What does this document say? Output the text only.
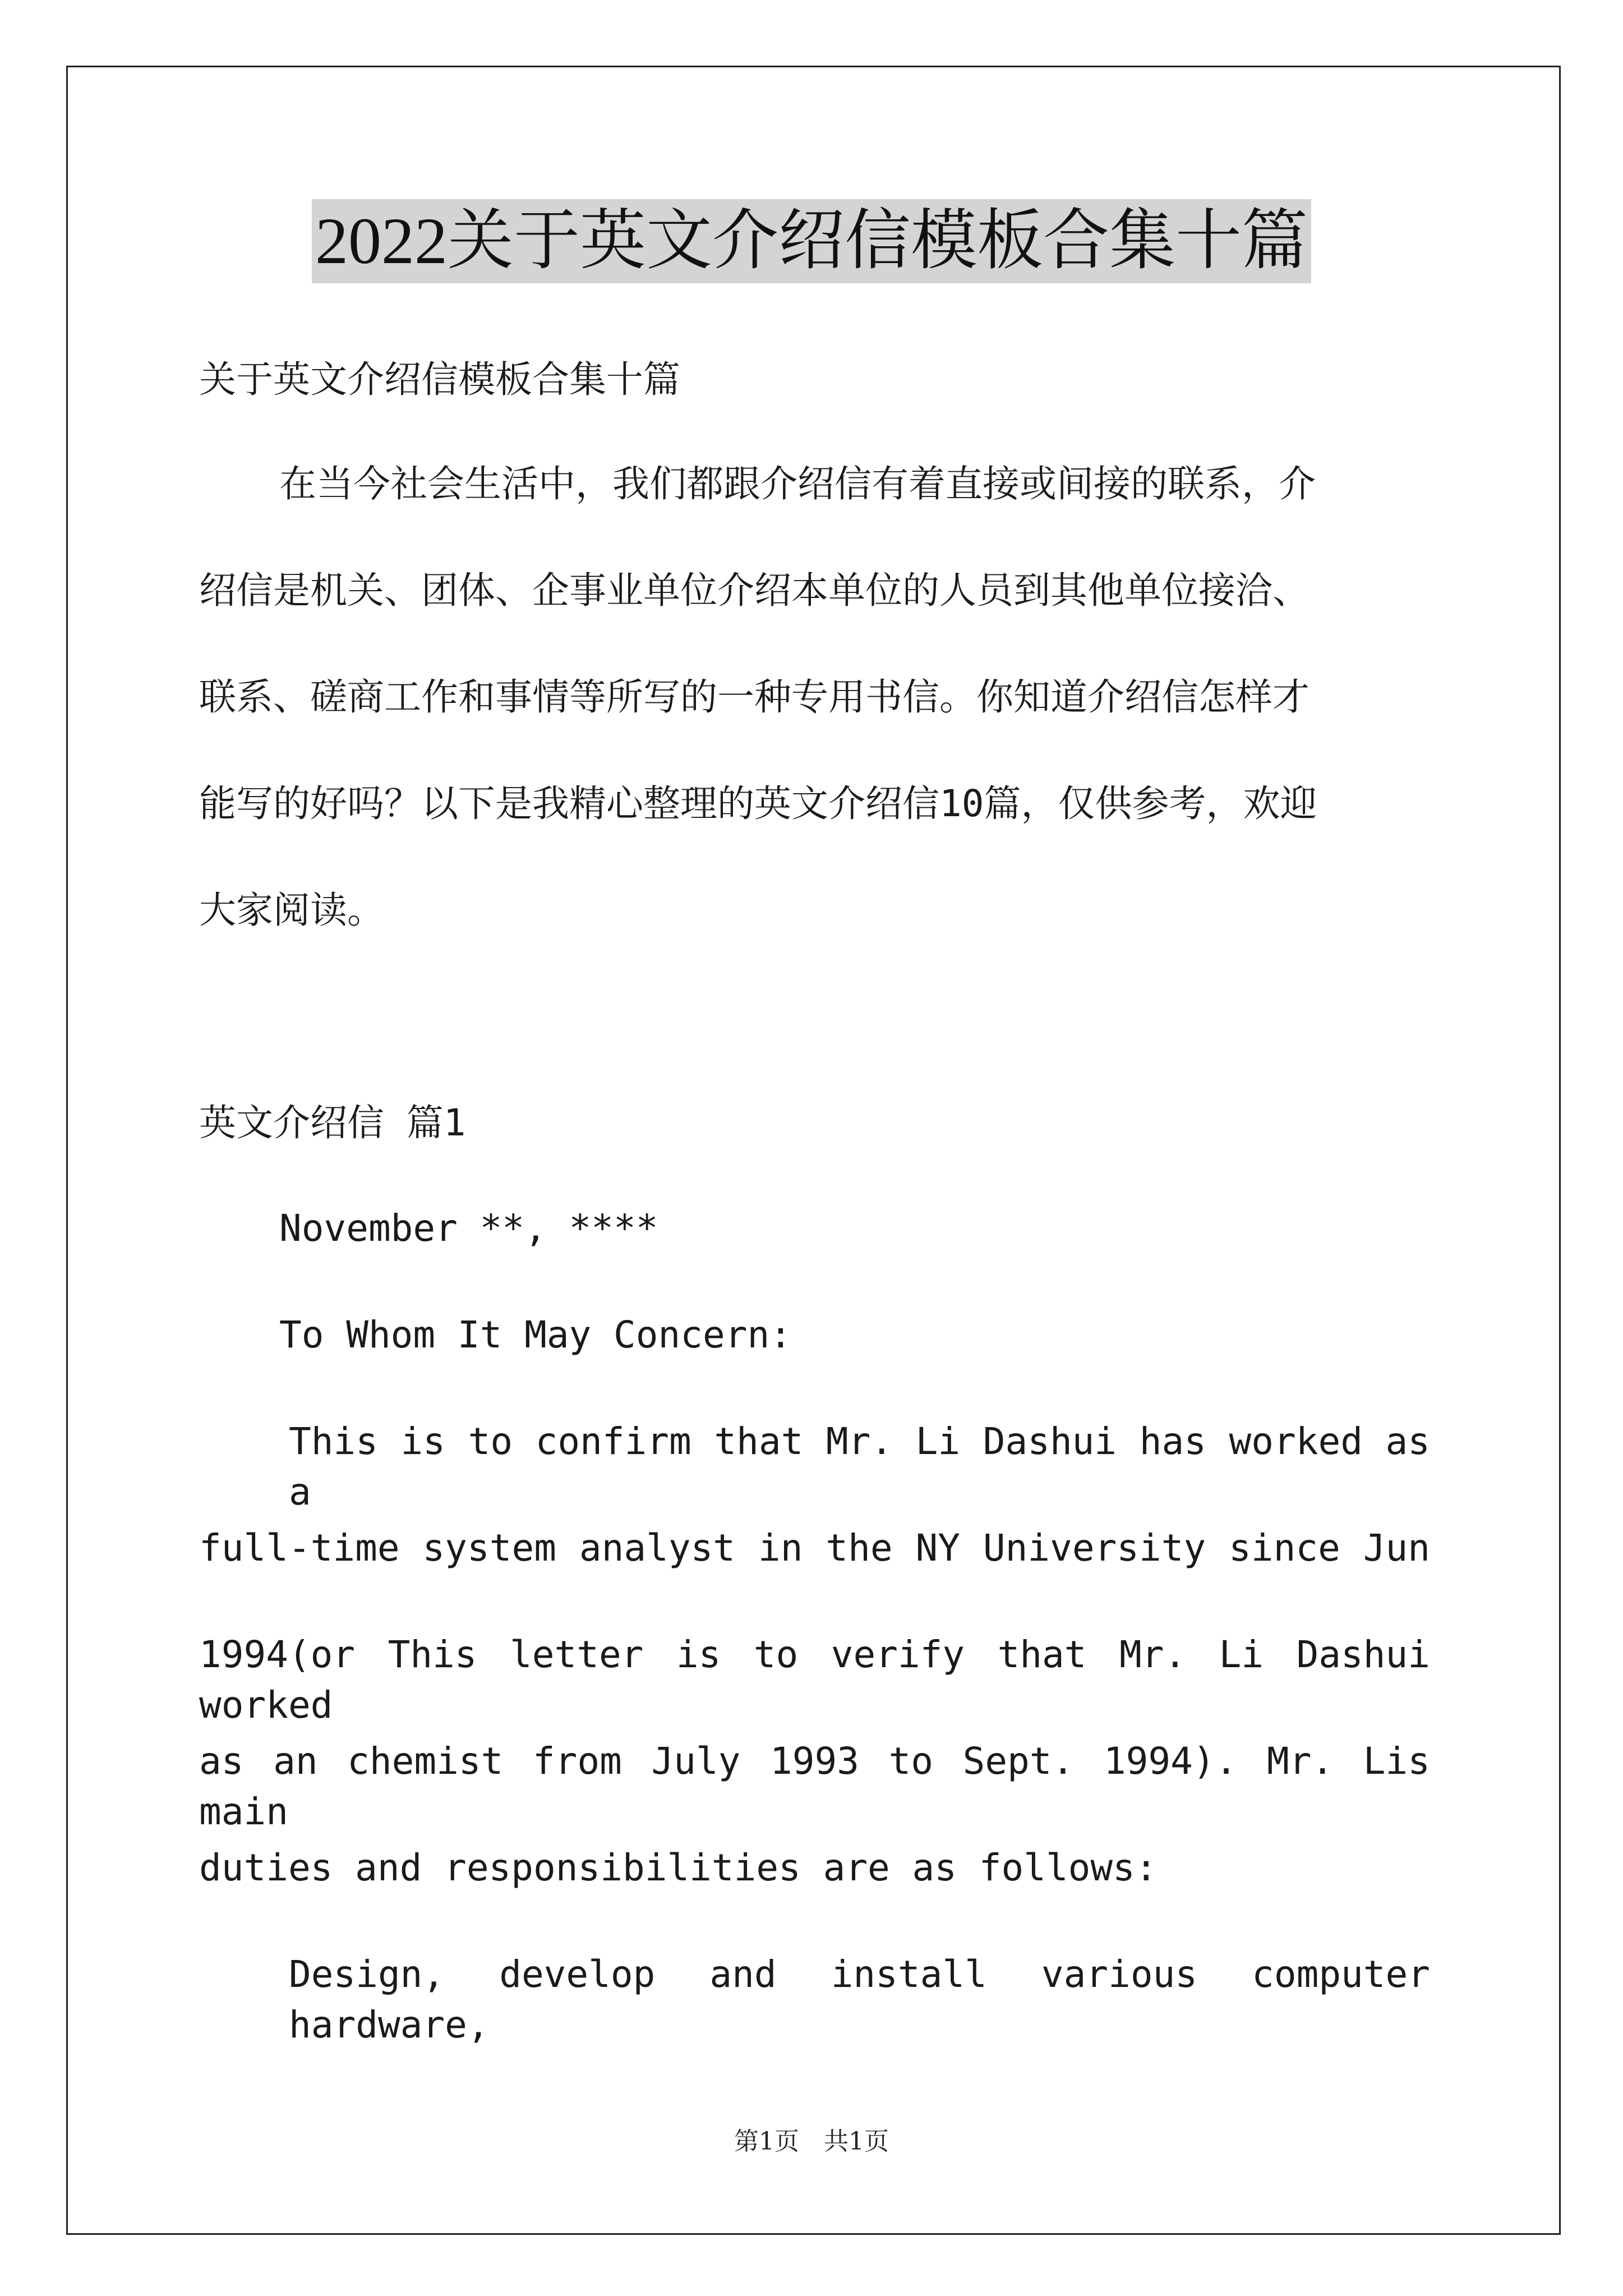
2022关于英文介绍信模板合集十篇
关于英文介绍信模板合集十篇
在当今社会生活中，我们都跟介绍信有着直接或间接的联系，介
绍信是机关、团体、企事业单位介绍本单位的人员到其他单位接洽、
联系、磋商工作和事情等所写的一种专用书信。你知道介绍信怎样才
能写的好吗？以下是我精心整理的英文介绍信10篇，仅供参考，欢迎
大家阅读。
英文介绍信 篇1
November **, ****
To Whom It May Concern:
This is to confirm that Mr. Li Dashui has worked as a
full-time system analyst in the NY University since Jun
1994(or This letter is to verify that Mr. Li Dashui worked
as an chemist from July 1993 to Sept. 1994). Mr. Lis main
duties and responsibilities are as follows:
Design, develop and install various computer hardware,
第1页　共1页
